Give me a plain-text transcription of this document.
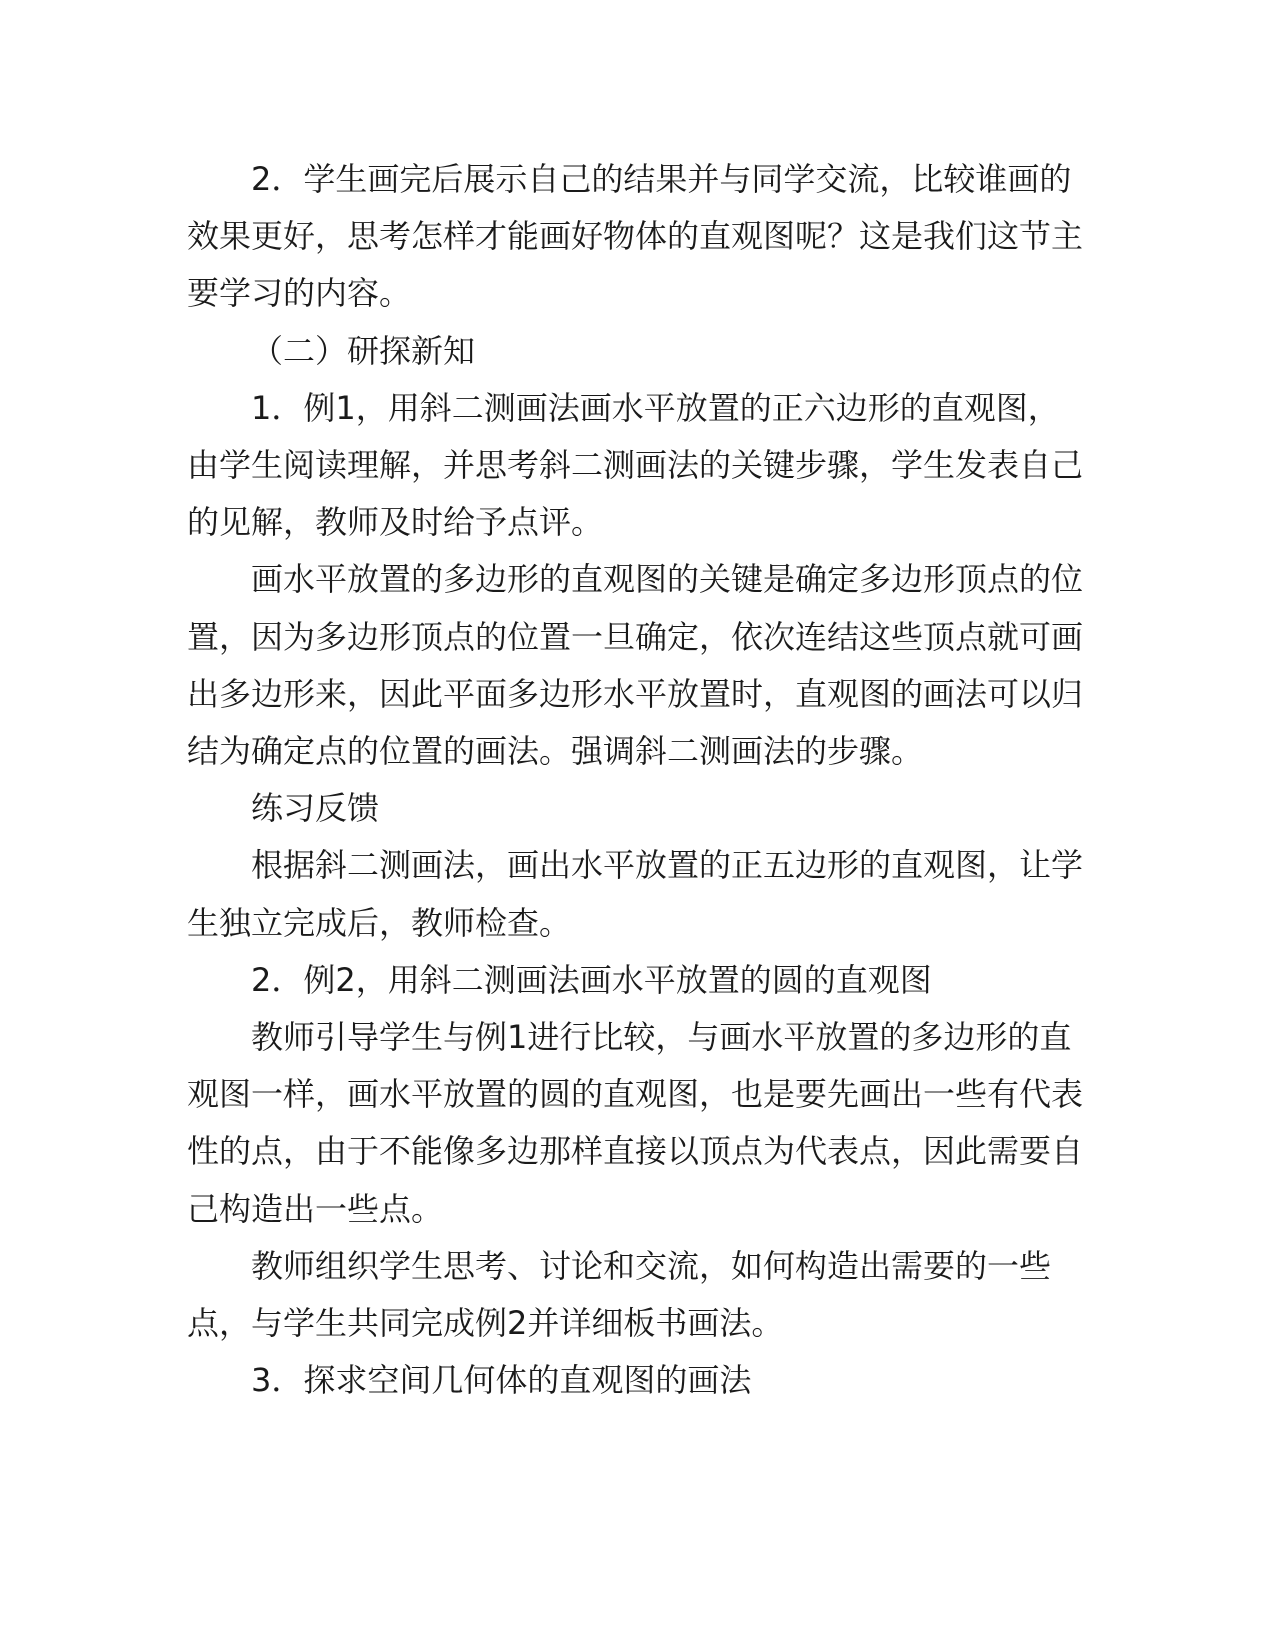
2．学生画完后展示自己的结果并与同学交流，比较谁画的效果更好，思考怎样才能画好物体的直观图呢？这是我们这节主要学习的内容。

（二）研探新知

1．例1，用斜二测画法画水平放置的正六边形的直观图，由学生阅读理解，并思考斜二测画法的关键步骤，学生发表自己的见解，教师及时给予点评。

画水平放置的多边形的直观图的关键是确定多边形顶点的位置，因为多边形顶点的位置一旦确定，依次连结这些顶点就可画出多边形来，因此平面多边形水平放置时，直观图的画法可以归结为确定点的位置的画法。强调斜二测画法的步骤。

练习反馈

根据斜二测画法，画出水平放置的正五边形的直观图，让学生独立完成后，教师检查。

2．例2，用斜二测画法画水平放置的圆的直观图

教师引导学生与例1进行比较，与画水平放置的多边形的直观图一样，画水平放置的圆的直观图，也是要先画出一些有代表性的点，由于不能像多边那样直接以顶点为代表点，因此需要自己构造出一些点。

教师组织学生思考、讨论和交流，如何构造出需要的一些点，与学生共同完成例2并详细板书画法。

3．探求空间几何体的直观图的画法
